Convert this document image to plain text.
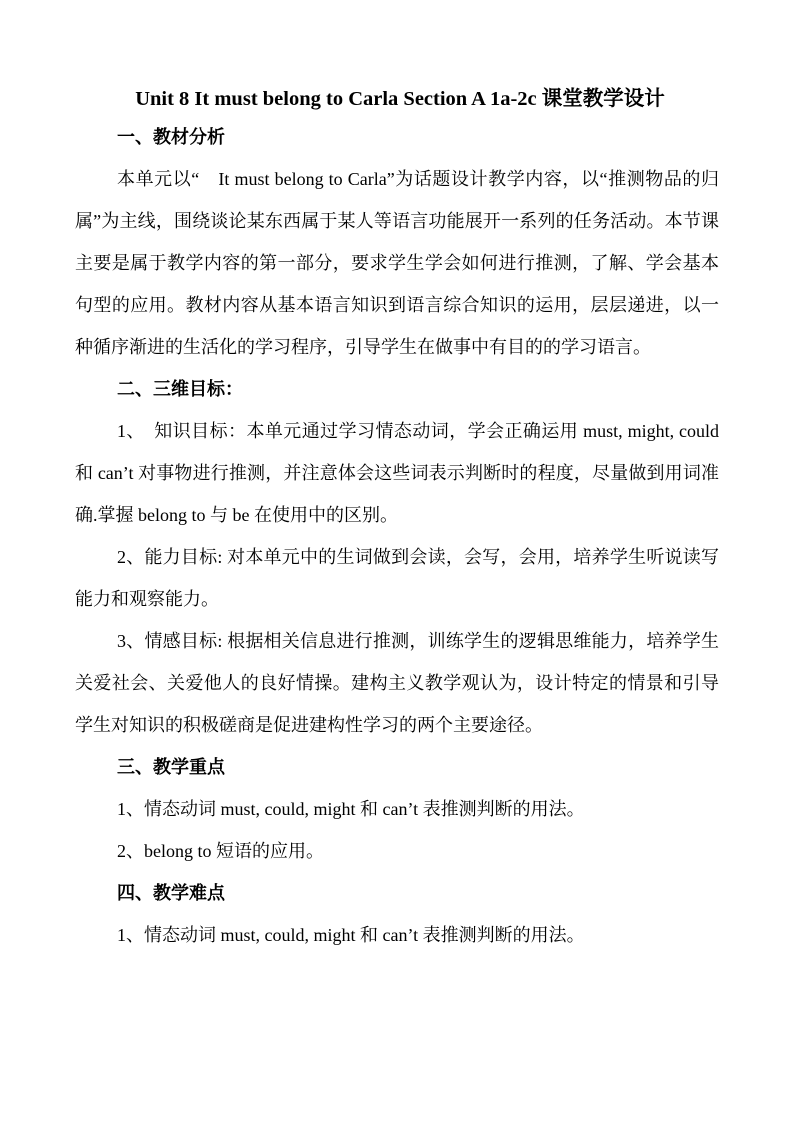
Unit 8 It must belong to Carla Section A 1a-2c 课堂教学设计
一、教材分析

本单元以“　It must belong to Carla”为话题设计教学内容，以“推测物品的归属”为主线，围绕谈论某东西属于某人等语言功能展开一系列的任务活动。本节课主要是属于教学内容的第一部分，要求学生学会如何进行推测，了解、学会基本句型的应用。教材内容从基本语言知识到语言综合知识的运用，层层递进，以一种循序渐进的生活化的学习程序，引导学生在做事中有目的的学习语言。

二、三维目标：

1、　知识目标：本单元通过学习情态动词，学会正确运用 must, might, could 和 can’t 对事物进行推测，并注意体会这些词表示判断时的程度，尽量做到用词准确.掌握 belong to 与 be 在使用中的区别。

2、能力目标: 对本单元中的生词做到会读，会写，会用，培养学生听说读写能力和观察能力。

3、情感目标: 根据相关信息进行推测，训练学生的逻辑思维能力，培养学生关爱社会、关爱他人的良好情操。建构主义教学观认为，设计特定的情景和引导学生对知识的积极磋商是促进建构性学习的两个主要途径。

三、教学重点

1、情态动词 must, could, might 和 can’t 表推测判断的用法。

2、belong to 短语的应用。

四、教学难点

1、情态动词 must, could, might 和 can’t 表推测判断的用法。
